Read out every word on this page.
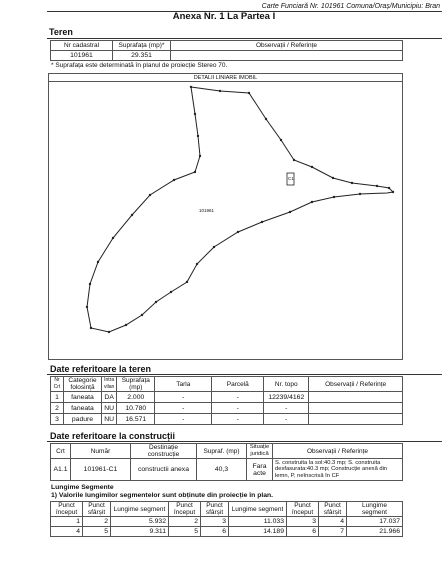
Carte Funciară Nr. 101961 Comuna/Oraș/Municipiu: Bran
Anexa Nr. 1 La Partea I
Teren
Nr cadastral	Suprafața (mp)*	Observații / Referințe
101961	29.351	
* Suprafața este determinată în planul de proiecție Stereo 70.
DETALII LINIARE IMOBIL
C1
101961
Date referitoare la teren
Nr Crt	Categorie folosință	Intra vilan	Suprafața (mp)	Tarla	Parcelă	Nr. topo	Observații / Referințe
1	faneata	DA	2.000	-	-	12239/4162	
2	faneata	NU	10.780	-	-	-	
3	padure	NU	16.571	-	-	-	
Date referitoare la construcții
Crt	Număr	Destinație construcție	Supraf. (mp)	Situație juridică	Observații / Referințe
A1.1	101961-C1	constructii anexa	40,3	Fara acte	S. construita la sol:40.3 mp; S. construita desfasurata:40.3 mp; Construcție anexă din lemn, P, neînscrisă în CF
Lungime Segmente
1) Valorile lungimilor segmentelor sunt obținute din proiecție în plan.
Punct început	Punct sfârșit	Lungime segment	Punct început	Punct sfârșit	Lungime segment	Punct început	Punct sfârșit	Lungime segment
1	2	5.932	2	3	11.033	3	4	17.037
4	5	9.311	5	6	14.189	6	7	21.966
